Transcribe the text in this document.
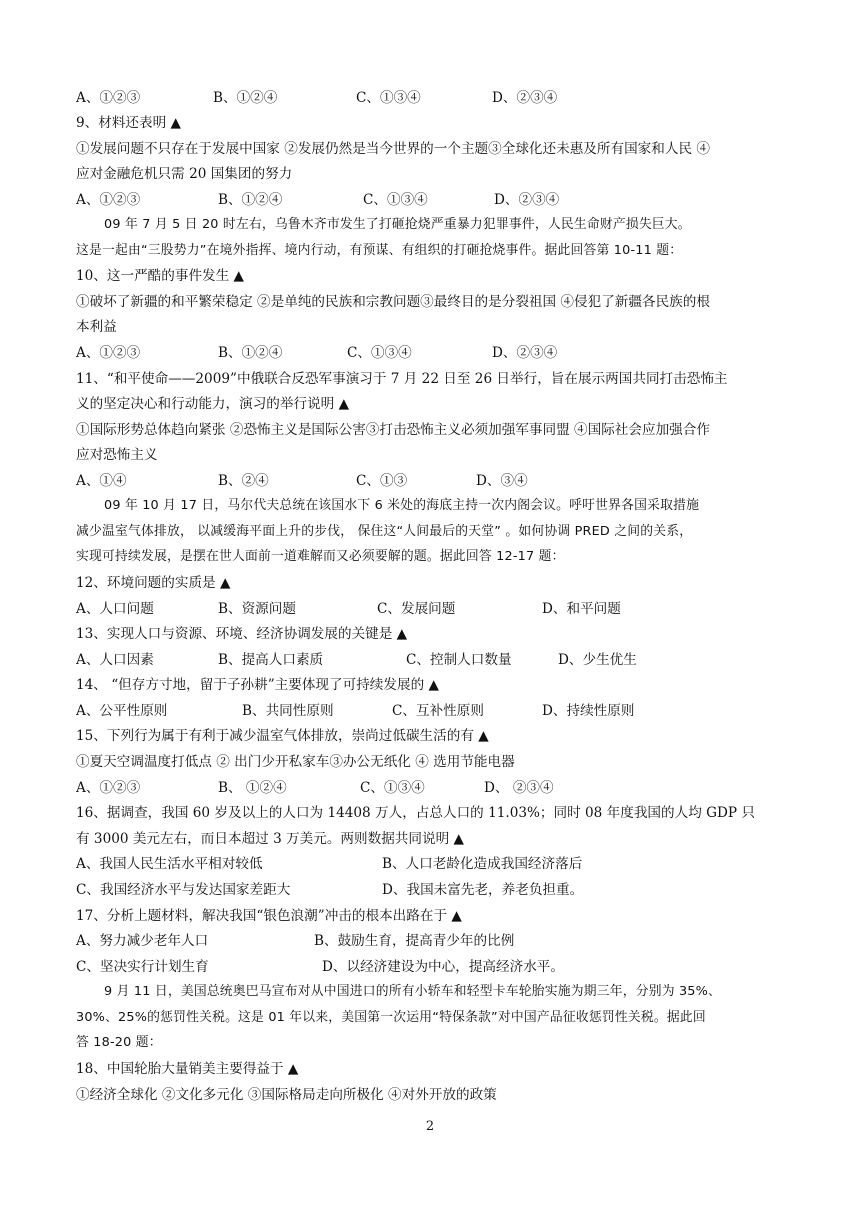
A、①②③	B、①②④	C、①③④	D、②③④
9、材料还表明 ▲
①发展问题不只存在于发展中国家 ②发展仍然是当今世界的一个主题③全球化还未惠及所有国家和人民 ④
应对金融危机只需 20 国集团的努力
A、①②③	B、①②④	C、①③④	D、②③④
09 年 7 月 5 日 20 时左右，乌鲁木齐市发生了打砸抢烧严重暴力犯罪事件，人民生命财产损失巨大。
这是一起由“三股势力”在境外指挥、境内行动，有预谋、有组织的打砸抢烧事件。据此回答第 10-11 题：
10、这一严酷的事件发生 ▲
①破坏了新疆的和平繁荣稳定 ②是单纯的民族和宗教问题③最终目的是分裂祖国 ④侵犯了新疆各民族的根
本利益
A、①②③	B、①②④	C、①③④	D、②③④
11、“和平使命——2009”中俄联合反恐军事演习于 7 月 22 日至 26 日举行，旨在展示两国共同打击恐怖主
义的坚定决心和行动能力，演习的举行说明 ▲
①国际形势总体趋向紧张 ②恐怖主义是国际公害③打击恐怖主义必须加强军事同盟 ④国际社会应加强合作
应对恐怖主义
A、①④	B、②④	C、①③	D、③④
09 年 10 月 17 日，马尔代夫总统在该国水下 6 米处的海底主持一次内阁会议。呼吁世界各国采取措施
减少温室气体排放， 以减缓海平面上升的步伐， 保住这“人间最后的天堂” 。如何协调 PRED 之间的关系，
实现可持续发展，是摆在世人面前一道难解而又必须要解的题。据此回答 12-17 题：
12、环境问题的实质是 ▲
A、人口问题	B、资源问题	C、发展问题	D、和平问题
13、实现人口与资源、环境、经济协调发展的关键是 ▲
A、人口因素	B、提高人口素质	C、控制人口数量	D、少生优生
14、 “但存方寸地，留于子孙耕”主要体现了可持续发展的 ▲
A、公平性原则	B、共同性原则	C、互补性原则	D、持续性原则
15、下列行为属于有利于减少温室气体排放，崇尚过低碳生活的有 ▲
①夏天空调温度打低点 ② 出门少开私家车③办公无纸化 ④ 选用节能电器
A、①②③	B、 ①②④	C、①③④	D、 ②③④
16、据调查，我国 60 岁及以上的人口为 14408 万人，占总人口的 11.03%；同时 08 年度我国的人均 GDP 只
有 3000 美元左右，而日本超过 3 万美元。两则数据共同说明 ▲
A、我国人民生活水平相对较低	B、人口老龄化造成我国经济落后
C、我国经济水平与发达国家差距大	D、我国未富先老，养老负担重。
17、分析上题材料，解决我国“银色浪潮”冲击的根本出路在于 ▲
A、努力减少老年人口	B、鼓励生育，提高青少年的比例
C、坚决实行计划生育	D、以经济建设为中心，提高经济水平。
9 月 11 日，美国总统奥巴马宣布对从中国进口的所有小轿车和轻型卡车轮胎实施为期三年，分别为 35%、
30%、25%的惩罚性关税。这是 01 年以来，美国第一次运用“特保条款”对中国产品征收惩罚性关税。据此回
答 18-20 题：
18、中国轮胎大量销美主要得益于 ▲
①经济全球化 ②文化多元化 ③国际格局走向所极化 ④对外开放的政策
2
